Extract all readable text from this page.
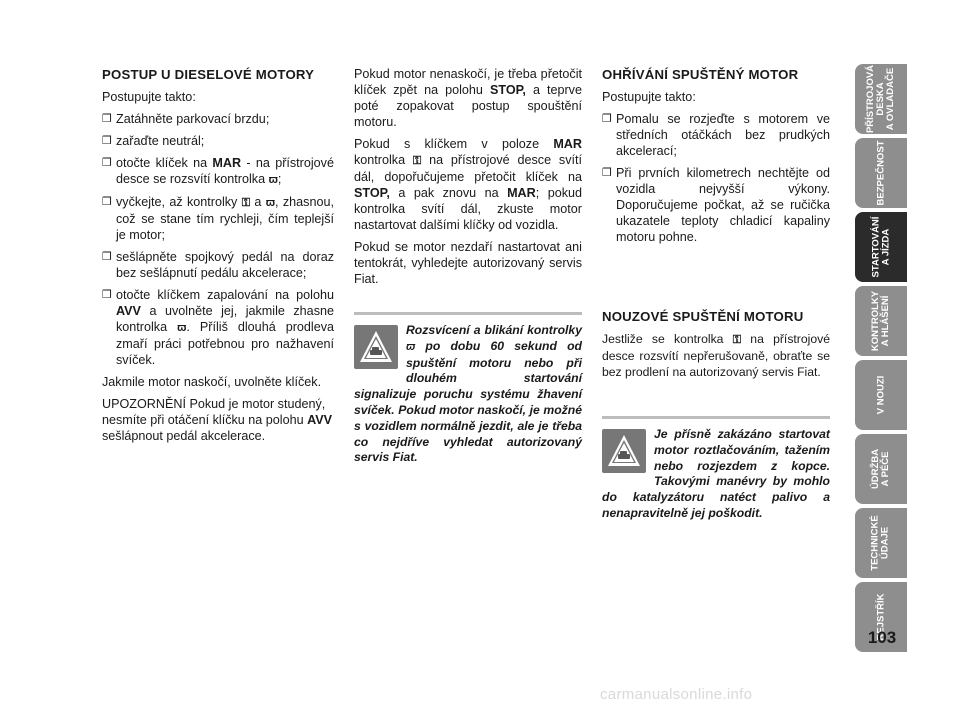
POSTUP U DIESELOVÉ MOTORY

Postupujte takto:

❒ Zatáhněte parkovací brzdu;
❒ zařaďte neutrál;
❒ otočte klíček na MAR - na přístrojové desce se rozsvítí kontrolka ϖ;
❒ vyčkejte, až kontrolky ⚿ a ϖ, zhasnou, což se stane tím rychleji, čím teplejší je motor;
❒ sešlápněte spojkový pedál na doraz bez sešlápnutí pedálu akcelerace;
❒ otočte klíčkem zapalování na polohu AVV a uvolněte jej, jakmile zhasne kontrolka ϖ. Příliš dlouhá prodleva zmaří práci potřebnou pro nažhavení svíček.

Jakmile motor naskočí, uvolněte klíček.

UPOZORNĚNÍ Pokud je motor studený, nesmíte při otáčení klíčku na polohu AVV sešlápnout pedál akcelerace.

Pokud motor nenaskočí, je třeba přetočit klíček zpět na polohu STOP, a teprve poté zopakovat postup spouštění motoru.

Pokud s klíčkem v poloze MAR kontrolka ⚿ na přístrojové desce svítí dál, dopořučujeme přetočit klíček na STOP, a pak znovu na MAR; pokud kontrolka svítí dál, zkuste motor nastartovat dalšími klíčky od vozidla.

Pokud se motor nezdaří nastartovat ani tentokrát, vyhledejte autorizovaný servis Fiat.

Rozsvícení a blikání kontrolky ϖ po dobu 60 sekund od spuštění motoru nebo při dlouhém startování signalizuje poruchu systému žhavení svíček. Pokud motor naskočí, je možné s vozidlem normálně jezdit, ale je třeba co nejdříve vyhledat autorizovaný servis Fiat.
OHŘÍVÁNÍ SPUŠTĚNÝ MOTOR

Postupujte takto:

❒ Pomalu se rozjeďte s motorem ve středních otáčkách bez prudkých akcelerací;
❒ Při prvních kilometrech nechtějte od vozidla nejvyšší výkony. Doporučujeme počkat, až se ručička ukazatele teploty chladicí kapaliny motoru pohne.
NOUZOVÉ SPUŠTĚNÍ MOTORU

Jestliže se kontrolka ⚿ na přístrojové desce rozsvítí nepřerušovaně, obraťte se bez prodlení na autorizovaný servis Fiat.

Je přísně zakázáno startovat motor roztlačováním, tažením nebo rozjezdem z kopce. Takovými manévry by mohlo do katalyzátoru natéct palivo a nenapravitelně jej poškodit.
PŘÍSTROJOVÁ
DESKA
A OVLADAČE
BEZPEČNOST
STARTOVÁNÍ
A JÍZDA
KONTROLKY
A HLÁŠENÍ
V NOUZI
ÚDRŽBA
A PÉČE
TECHNICKÉ
ÚDAJE
REJSTŘÍK
103
carmanualsonline.info
